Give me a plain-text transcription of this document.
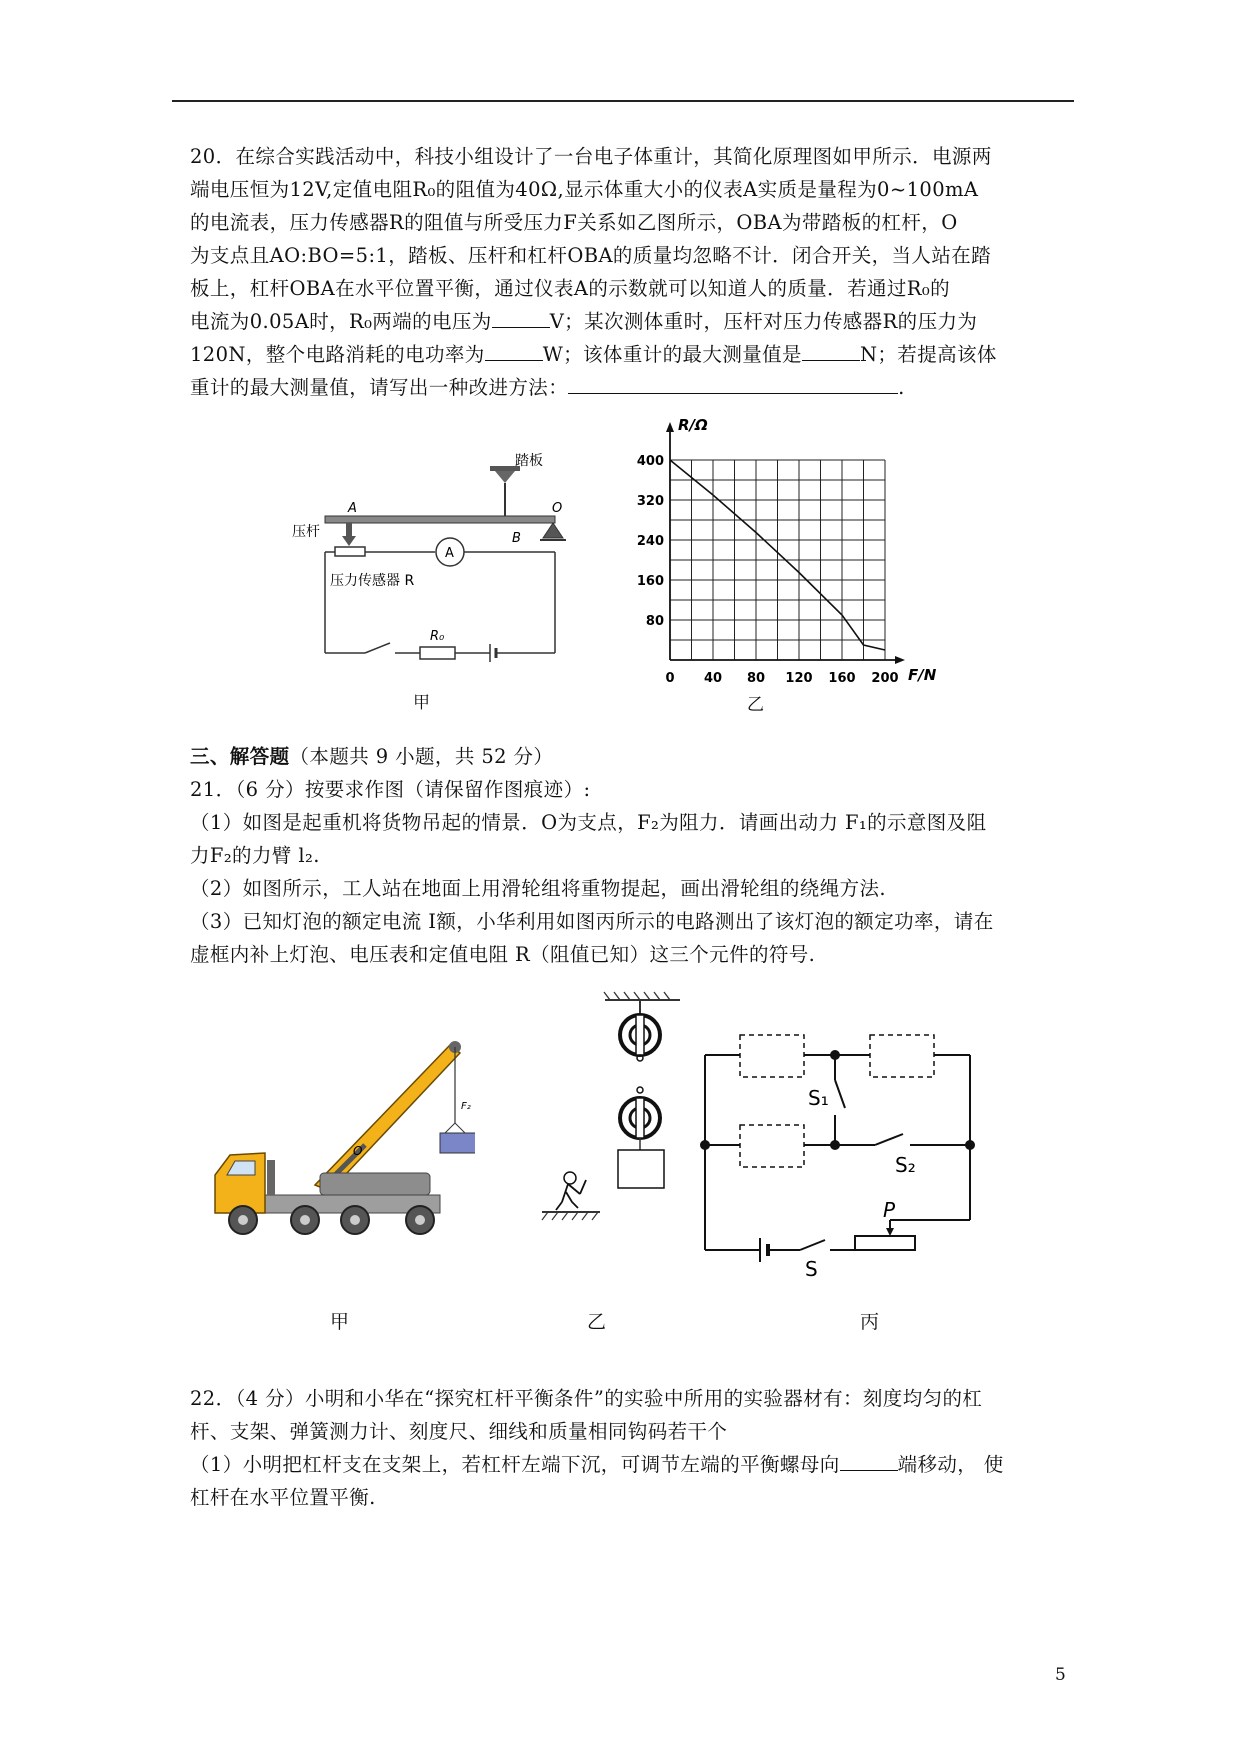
20．在综合实践活动中，科技小组设计了一台电子体重计，其简化原理图如甲所示．电源两
端电压恒为12V,定值电阻R₀的阻值为40Ω,显示体重大小的仪表A实质是量程为0~100mA
的电流表，压力传感器R的阻值与所受压力F关系如乙图所示，OBA为带踏板的杠杆，O
为支点且AO:BO=5:1，踏板、压杆和杠杆OBA的质量均忽略不计．闭合开关，当人站在踏
板上，杠杆OBA在水平位置平衡，通过仪表A的示数就可以知道人的质量．若通过R₀的
电流为0.05A时，R₀两端的电压为	V；某次测体重时，压杆对压力传感器R的压力为
120N，整个电路消耗的电功率为	W；该体重计的最大测量值是	N；若提高该体
重计的最大测量值，请写出一种改进方法：	.
踏板
A
B
O
压杆
压力传感器 R
A
R₀
甲
0 40 80 120 160 200
80
160
240
320
400
R/Ω
F/N
乙
三、解答题（本题共 9 小题，共 52 分）
21．（6 分）按要求作图（请保留作图痕迹）:
（1）如图是起重机将货物吊起的情景．O为支点，F₂为阻力．请画出动力 F₁的示意图及阻
力F₂的力臂 l₂.
（2）如图所示，工人站在地面上用滑轮组将重物提起，画出滑轮组的绕绳方法.
（3）已知灯泡的额定电流 I额，小华利用如图丙所示的电路测出了该灯泡的额定功率，请在
虚框内补上灯泡、电压表和定值电阻 R（阻值已知）这三个元件的符号.
F₂
O
S₁
S₂
P
S
甲	乙	丙
22．（4 分）小明和小华在“探究杠杆平衡条件”的实验中所用的实验器材有：刻度均匀的杠
杆、支架、弹簧测力计、刻度尺、细线和质量相同钩码若干个
（1）小明把杠杆支在支架上，若杠杆左端下沉，可调节左端的平衡螺母向	端移动， 使
杠杆在水平位置平衡.
5
